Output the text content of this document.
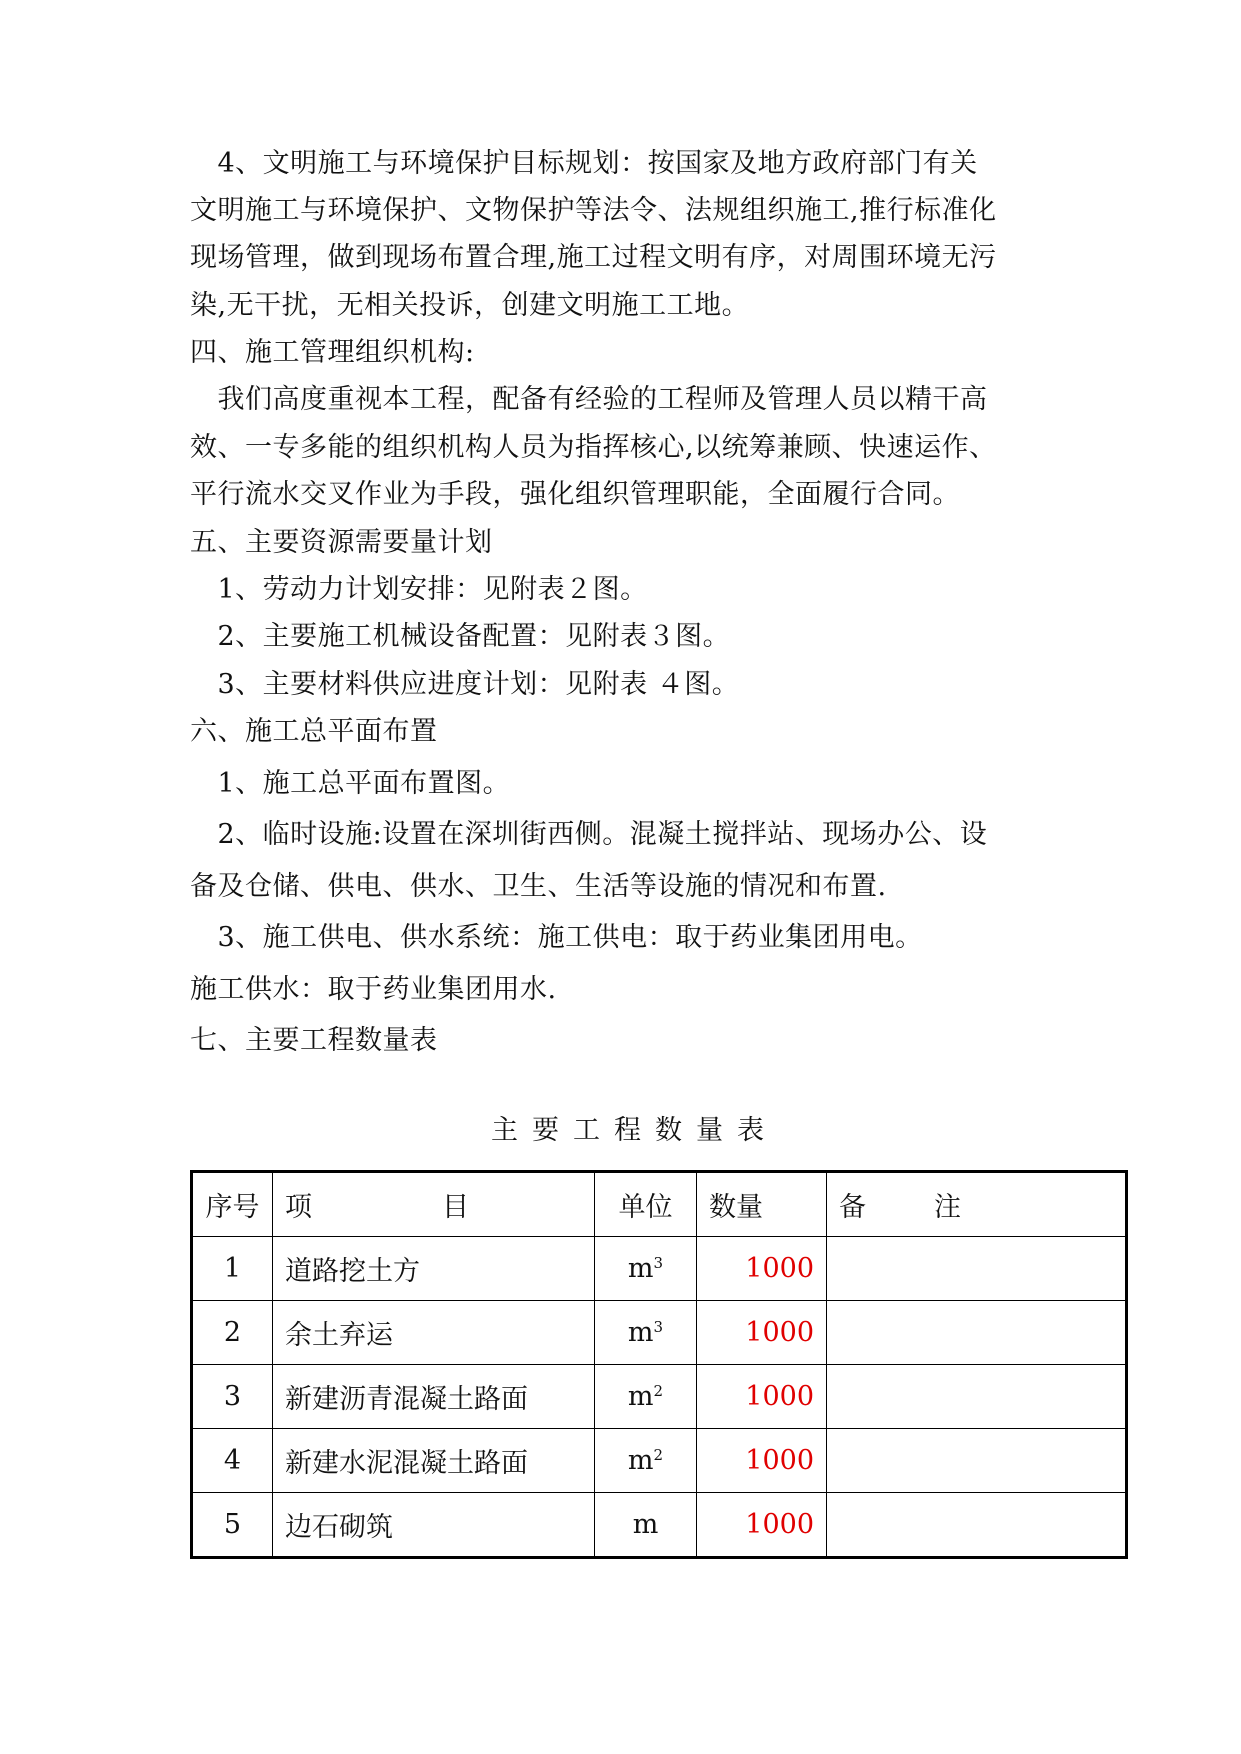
　4、文明施工与环境保护目标规划：按国家及地方政府部门有关
文明施工与环境保护、文物保护等法令、法规组织施工,推行标准化
现场管理，做到现场布置合理,施工过程文明有序，对周围环境无污
染,无干扰，无相关投诉，创建文明施工工地。
四、施工管理组织机构:
　我们高度重视本工程，配备有经验的工程师及管理人员以精干高
效、一专多能的组织机构人员为指挥核心,以统筹兼顾、快速运作、
平行流水交叉作业为手段，强化组织管理职能，全面履行合同。
五、主要资源需要量计划
　1、劳动力计划安排：见附表２图。
　2、主要施工机械设备配置：见附表３图。
　3、主要材料供应进度计划：见附表 ４图。
六、施工总平面布置
　1、施工总平面布置图。
　2、临时设施:设置在深圳街西侧。混凝土搅拌站、现场办公、设
备及仓储、供电、供水、卫生、生活等设施的情况和布置.
　3、施工供电、供水系统：施工供电：取于药业集团用电。
施工供水：取于药业集团用水.
七、主要工程数量表
主要工程数量表
序号	项 目	单位	数量	备 注
1	道路挖土方	$m^3$	1000	
2	余土弃运	$m^3$	1000	
3	新建沥青混凝土路面	$m^2$	1000	
4	新建水泥混凝土路面	$m^2$	1000	
5	边石砌筑	m	1000	
